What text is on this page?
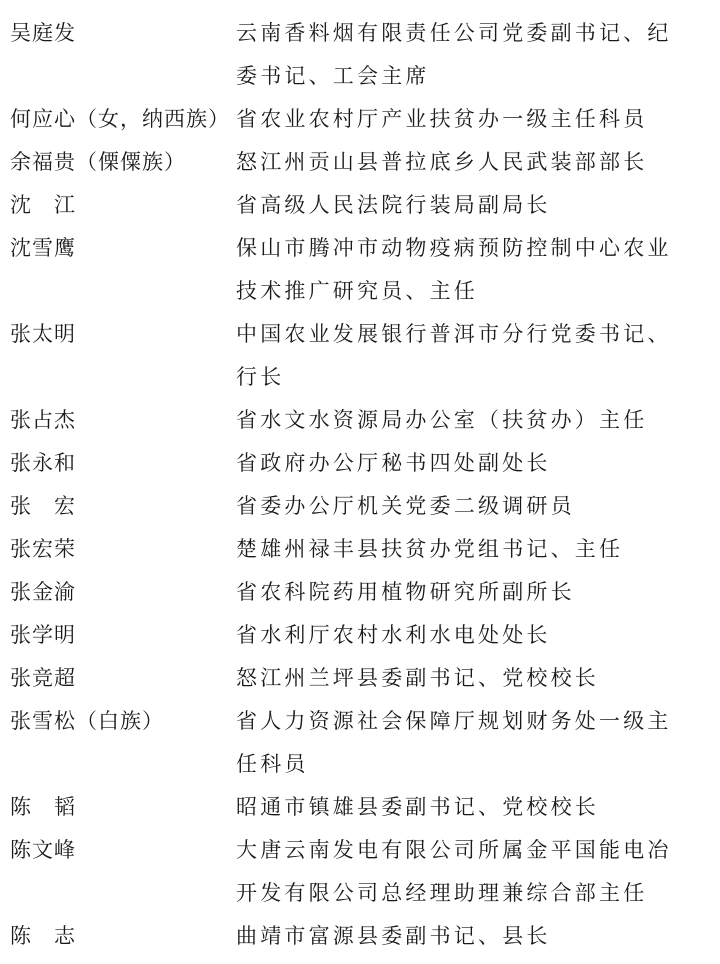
吴庭发	云南香料烟有限责任公司党委副书记、纪委书记、工会主席
何应心（女，纳西族） 省农业农村厅产业扶贫办一级主任科员
余福贵（傈僳族）	怒江州贡山县普拉底乡人民武装部部长
沈　江	省高级人民法院行装局副局长
沈雪鹰	保山市腾冲市动物疫病预防控制中心农业技术推广研究员、主任
张太明	中国农业发展银行普洱市分行党委书记、行长
张占杰	省水文水资源局办公室（扶贫办）主任
张永和	省政府办公厅秘书四处副处长
张　宏	省委办公厅机关党委二级调研员
张宏荣	楚雄州禄丰县扶贫办党组书记、主任
张金渝	省农科院药用植物研究所副所长
张学明	省水利厅农村水利水电处处长
张竞超	怒江州兰坪县委副书记、党校校长
张雪松（白族）	省人力资源社会保障厅规划财务处一级主任科员
陈　韬	昭通市镇雄县委副书记、党校校长
陈文峰	大唐云南发电有限公司所属金平国能电冶开发有限公司总经理助理兼综合部主任
陈　志	曲靖市富源县委副书记、县长
